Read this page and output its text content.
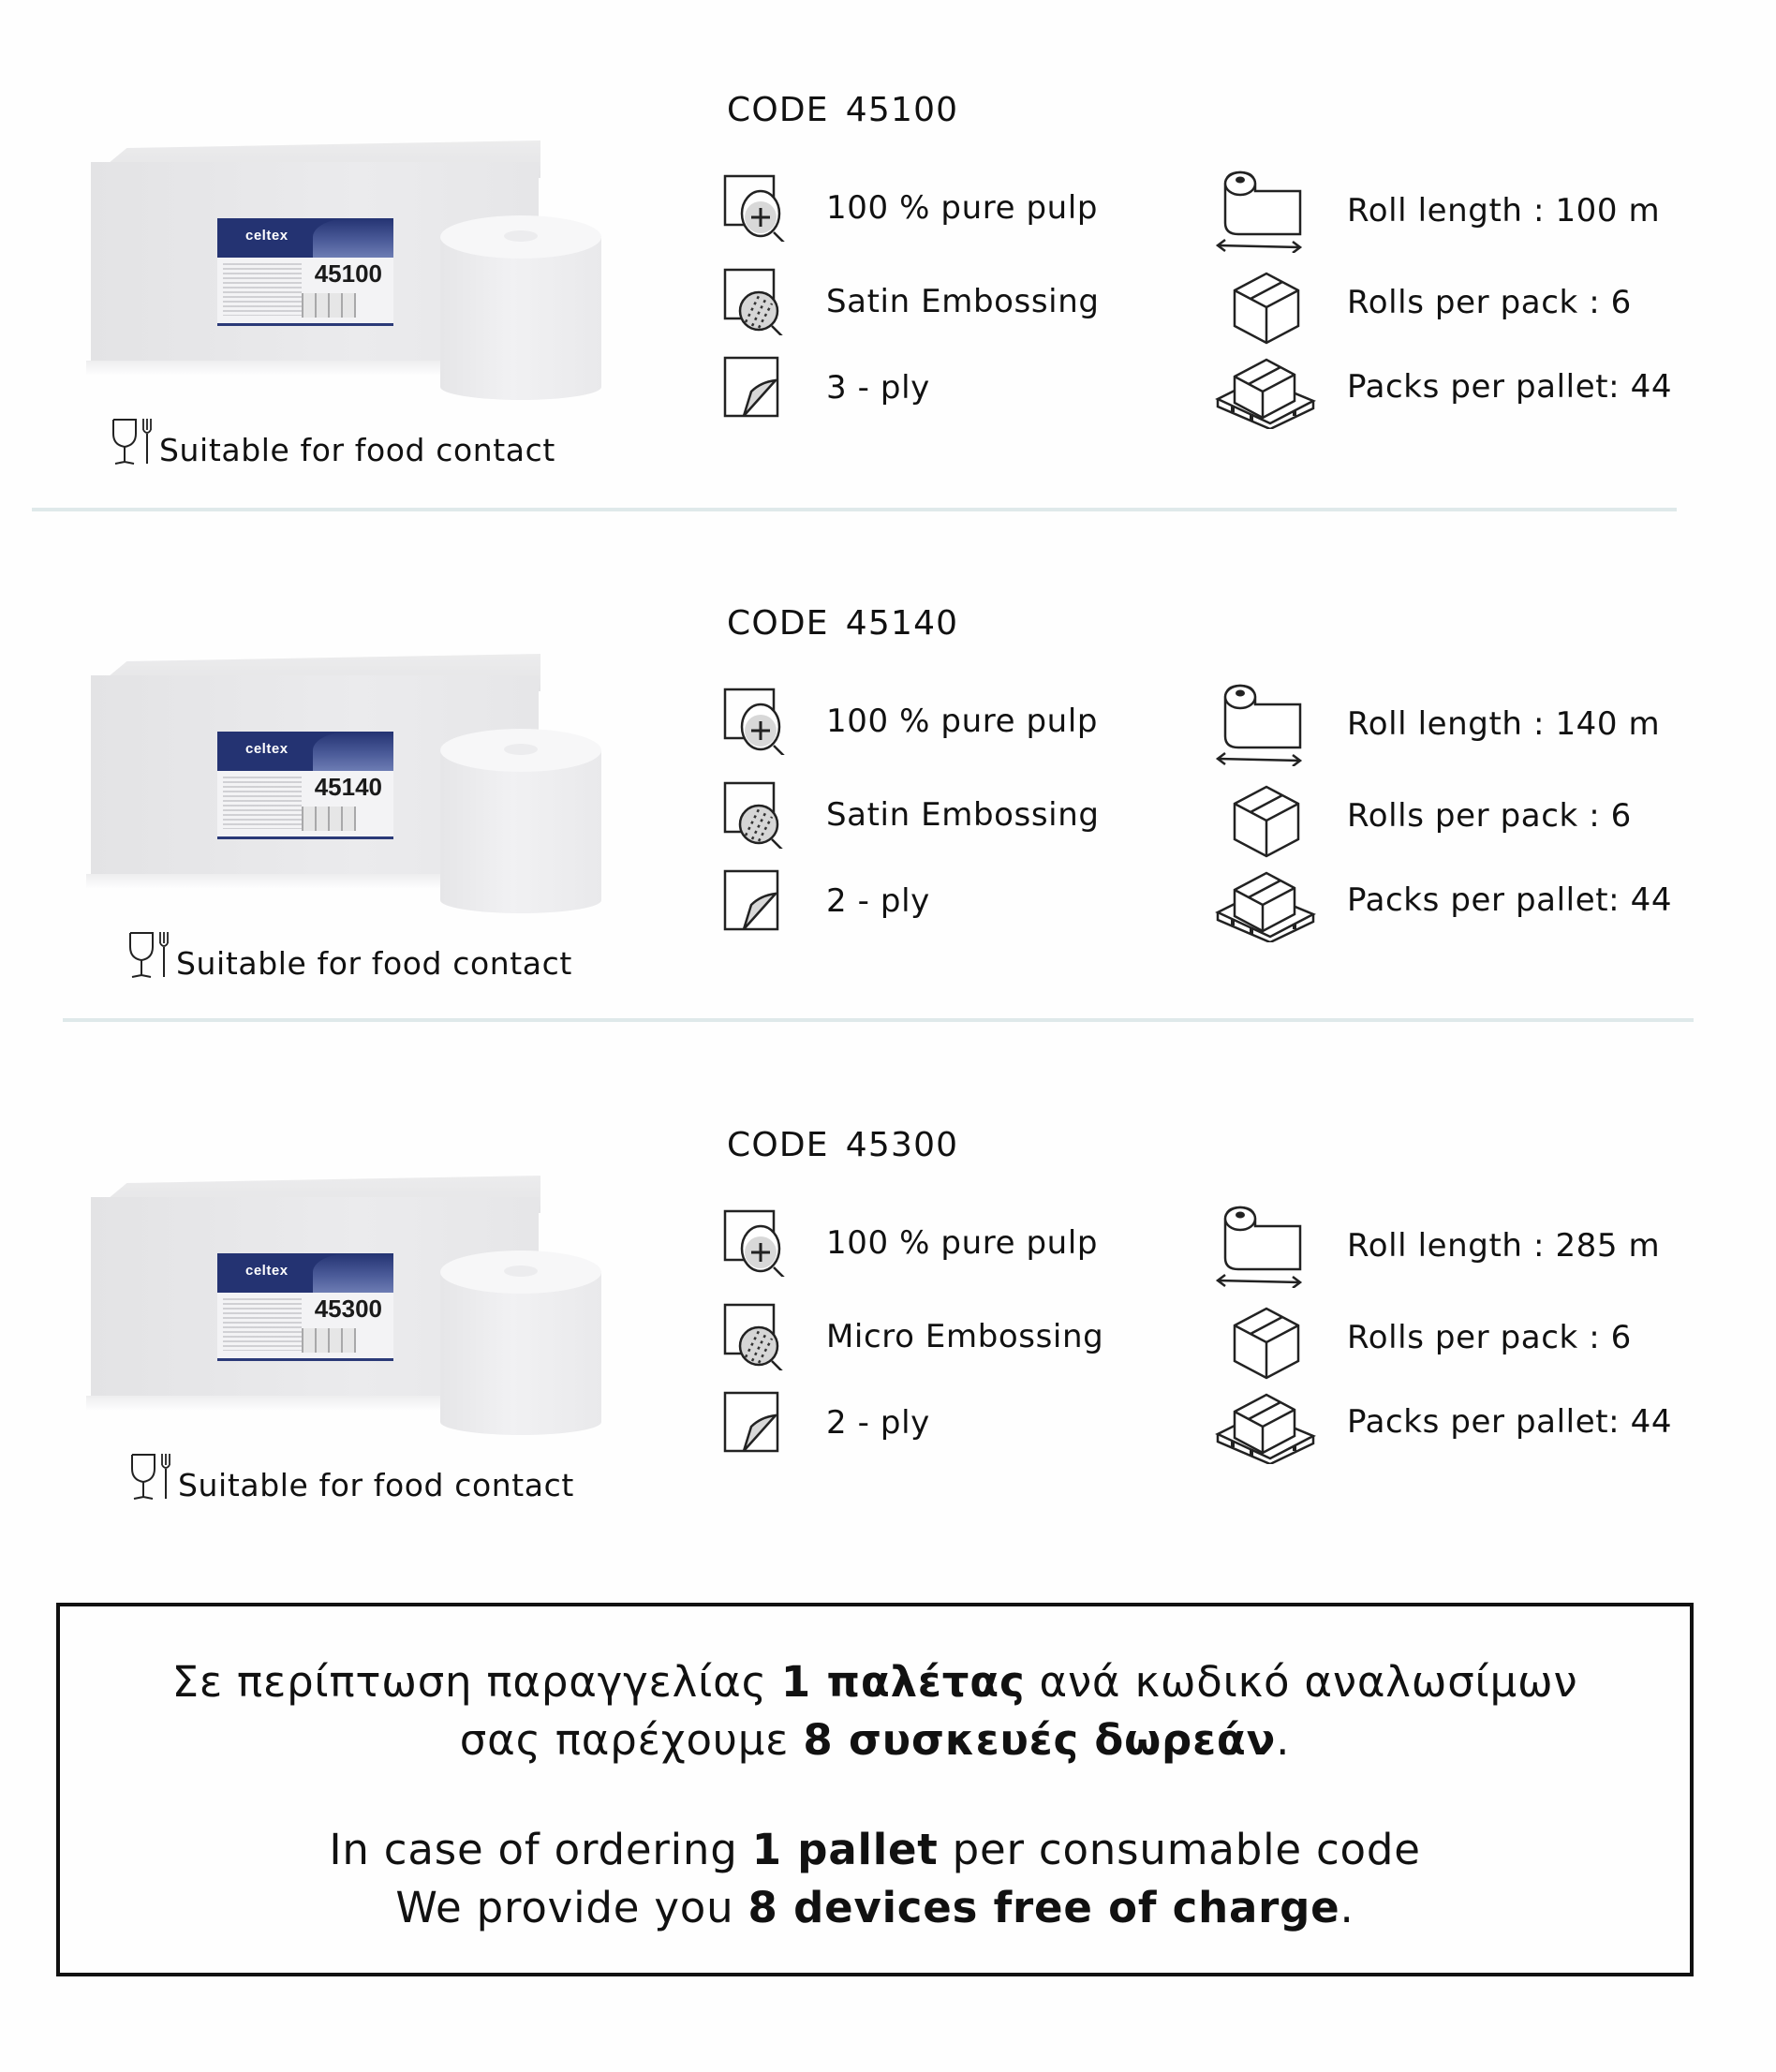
celtex
45100
Suitable for food contact
CODE 45100
100 % pure pulp
Satin Embossing
3 - ply
Roll length : 100 m
Rolls per pack : 6
Packs per pallet: 44
celtex
45140
Suitable for food contact
CODE 45140
100 % pure pulp
Satin Embossing
2 - ply
Roll length : 140 m
Rolls per pack : 6
Packs per pallet: 44
celtex
45300
Suitable for food contact
CODE 45300
100 % pure pulp
Micro Embossing
2 - ply
Roll length : 285 m
Rolls per pack : 6
Packs per pallet: 44

Σε περίπτωση παραγγελίας 1 παλέτας ανά κωδικό αναλωσίμων

σας παρέχουμε 8 συσκευές δωρεάν.

In case of ordering 1 pallet per consumable code

We provide you 8 devices free of charge.
